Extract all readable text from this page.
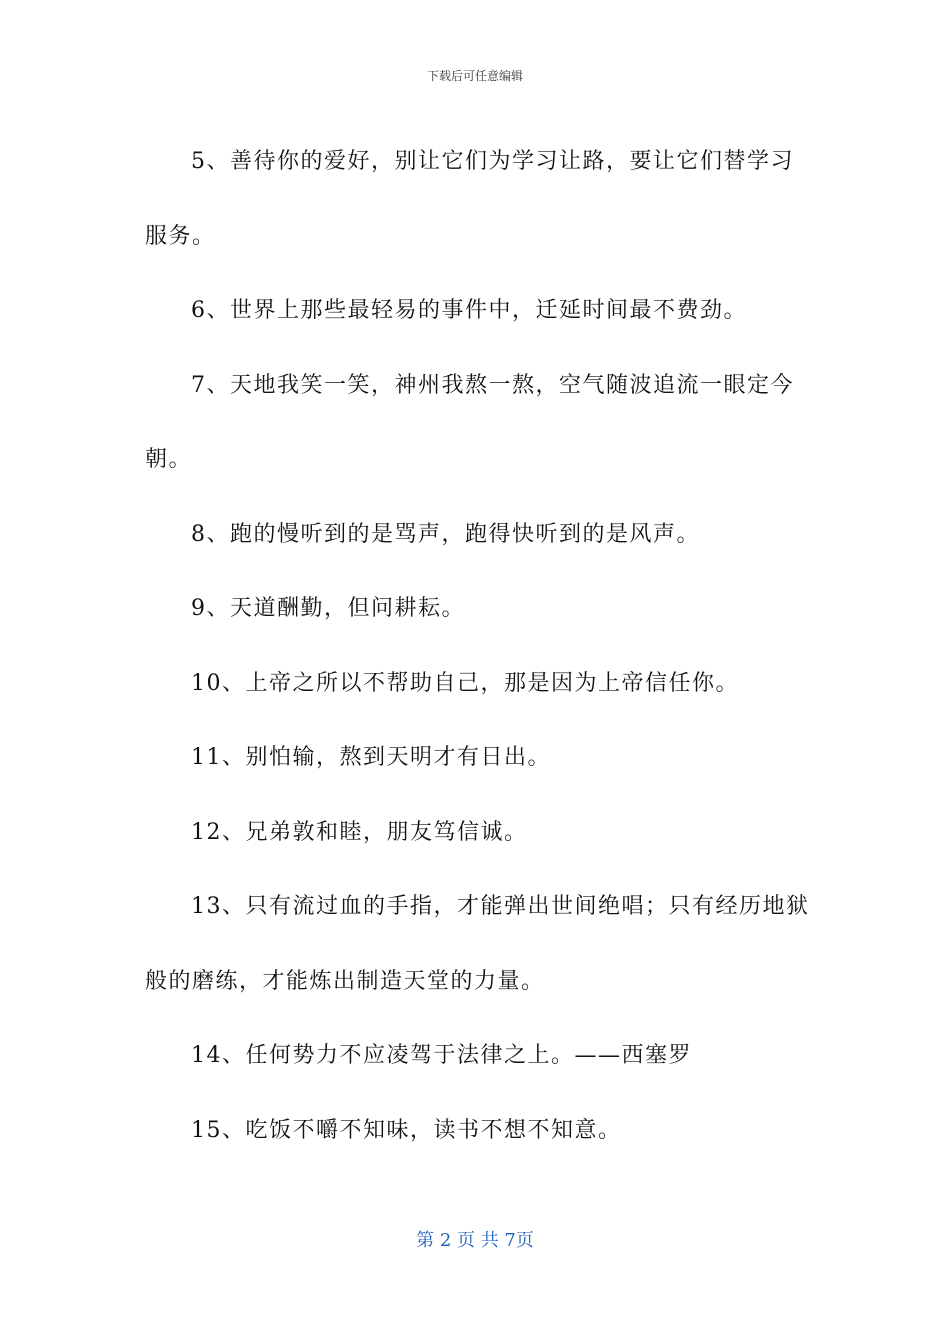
下载后可任意编辑

5、善待你的爱好，别让它们为学习让路，要让它们替学习服务。

6、世界上那些最轻易的事件中，迁延时间最不费劲。

7、天地我笑一笑，神州我熬一熬，空气随波追流一眼定今朝。

8、跑的慢听到的是骂声，跑得快听到的是风声。

9、天道酬勤，但问耕耘。

10、上帝之所以不帮助自己，那是因为上帝信任你。

11、别怕输，熬到天明才有日出。

12、兄弟敦和睦，朋友笃信诚。

13、只有流过血的手指，才能弹出世间绝唱；只有经历地狱般的磨练，才能炼出制造天堂的力量。

14、任何势力不应凌驾于法律之上。——西塞罗

15、吃饭不嚼不知味，读书不想不知意。

第 2 页 共 7页
